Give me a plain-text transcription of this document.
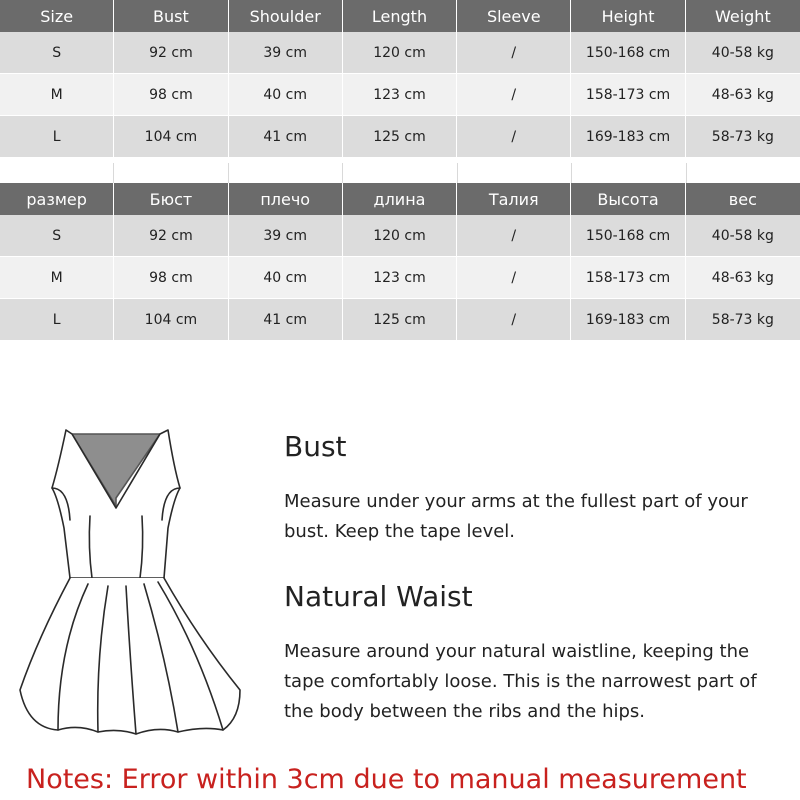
Size	Bust	Shoulder	Length	Sleeve	Height	Weight
S	92 cm	39 cm	120 cm	/	150-168 cm	40-58 kg
M	98 cm	40 cm	123 cm	/	158-173 cm	48-63 kg
L	104 cm	41 cm	125 cm	/	169-183 cm	58-73 kg
размер	Бюст	плечо	длина	Талия	Высота	вес
S	92 cm	39 cm	120 cm	/	150-168 cm	40-58 kg
M	98 cm	40 cm	123 cm	/	158-173 cm	48-63 kg
L	104 cm	41 cm	125 cm	/	169-183 cm	58-73 kg
Bust

Measure under your arms at the fullest part of your bust. Keep the tape level.

Natural Waist

Measure around your natural waistline, keeping the tape comfortably loose. This is the narrowest part of the body between the ribs and the hips.

Notes: Error within 3cm due to manual measurement
